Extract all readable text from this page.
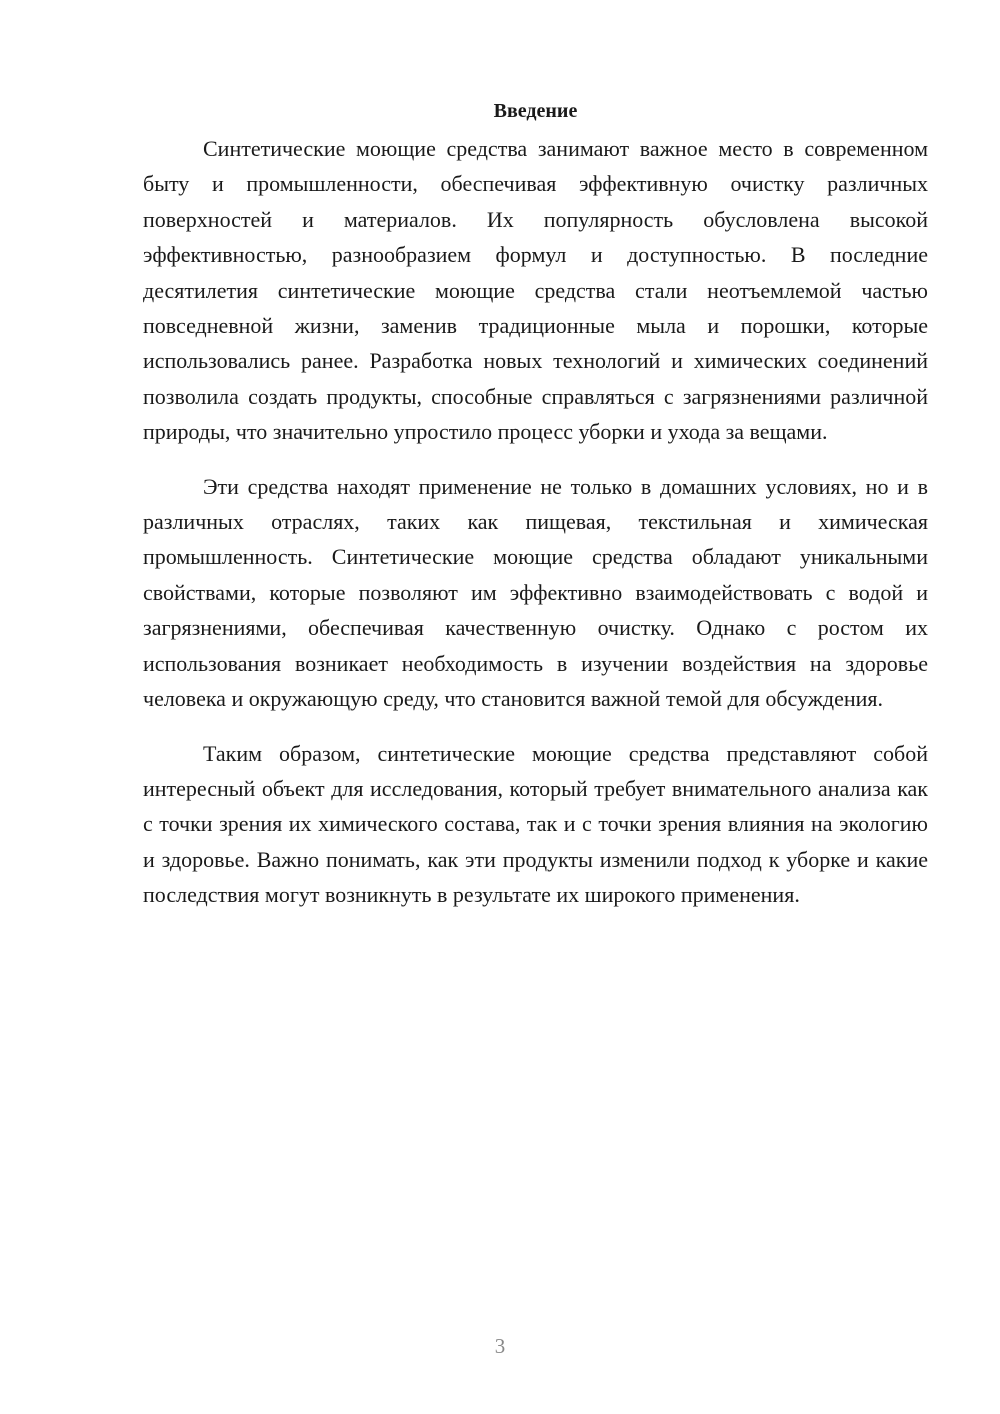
Введение

Синтетические моющие средства занимают важное место в современном быту и промышленности, обеспечивая эффективную очистку различных поверхностей и материалов. Их популярность обусловлена высокой эффективностью, разнообразием формул и доступностью. В последние десятилетия синтетические моющие средства стали неотъемлемой частью повседневной жизни, заменив традиционные мыла и порошки, которые использовались ранее. Разработка новых технологий и химических соединений позволила создать продукты, способные справляться с загрязнениями различной природы, что значительно упростило процесс уборки и ухода за вещами.

Эти средства находят применение не только в домашних условиях, но и в различных отраслях, таких как пищевая, текстильная и химическая промышленность. Синтетические моющие средства обладают уникальными свойствами, которые позволяют им эффективно взаимодействовать с водой и загрязнениями, обеспечивая качественную очистку. Однако с ростом их использования возникает необходимость в изучении воздействия на здоровье человека и окружающую среду, что становится важной темой для обсуждения.

Таким образом, синтетические моющие средства представляют собой интересный объект для исследования, который требует внимательного анализа как с точки зрения их химического состава, так и с точки зрения влияния на экологию и здоровье. Важно понимать, как эти продукты изменили подход к уборке и какие последствия могут возникнуть в результате их широкого применения.

3
